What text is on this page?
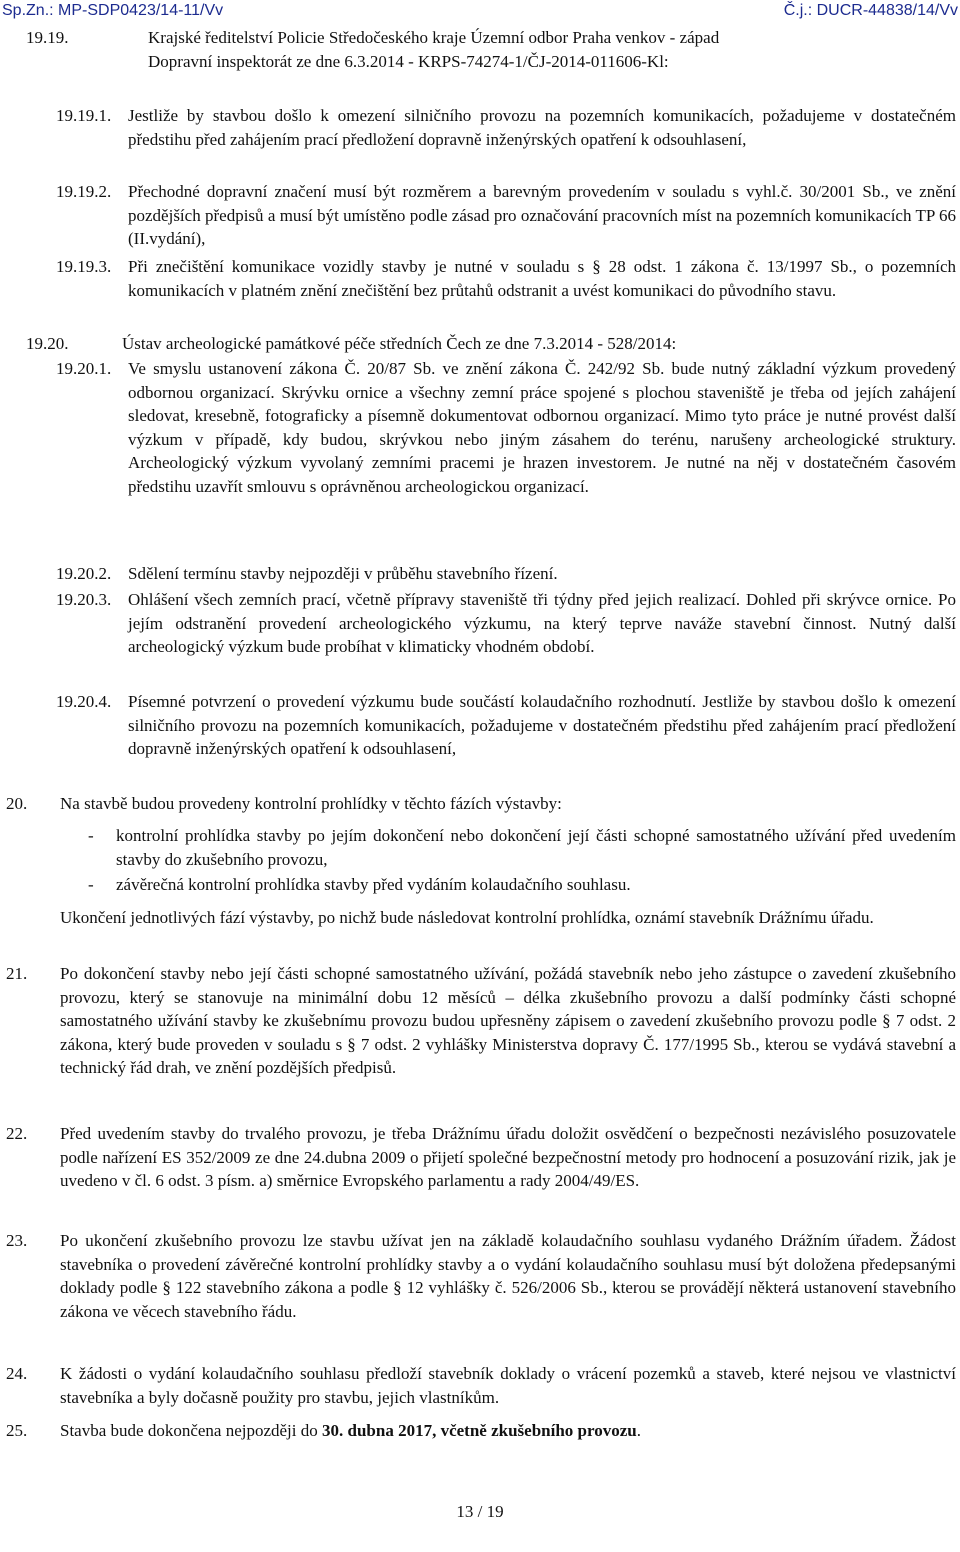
Sp.Zn.: MP-SDP0423/14-11/Vv	Č.j.: DUCR-44838/14/Vv
19.19.	Krajské ředitelství Policie Středočeského kraje Územní odbor Praha venkov - západ
Dopravní inspektorát ze dne 6.3.2014 - KRPS-74274-1/ČJ-2014-011606-Kl:
19.19.1. Jestliže by stavbou došlo k omezení silničního provozu na pozemních komunikacích, požadujeme v dostatečném předstihu před zahájením prací předložení dopravně inženýrských opatření k odsouhlasení,
19.19.2. Přechodné dopravní značení musí být rozměrem a barevným provedením v souladu s vyhl.č. 30/2001 Sb., ve znění pozdějších předpisů a musí být umístěno podle zásad pro označování pracovních míst na pozemních komunikacích TP 66 (II.vydání),
19.19.3. Při znečištění komunikace vozidly stavby je nutné v souladu s § 28 odst. 1 zákona č. 13/1997 Sb., o pozemních komunikacích v platném znění znečištění bez průtahů odstranit a uvést komunikaci do původního stavu.
19.20.	Ústav archeologické památkové péče středních Čech ze dne 7.3.2014 - 528/2014:
19.20.1. Ve smyslu ustanovení zákona Č. 20/87 Sb. ve znění zákona Č. 242/92 Sb. bude nutný základní výzkum provedený odbornou organizací. Skrývku ornice a všechny zemní práce spojené s plochou staveniště je třeba od jejích zahájení sledovat, kresebně, fotograficky a písemně dokumentovat odbornou organizací. Mimo tyto práce je nutné provést další výzkum v případě, kdy budou, skrývkou nebo jiným zásahem do terénu, narušeny archeologické struktury. Archeologický výzkum vyvolaný zemními pracemi je hrazen investorem. Je nutné na něj v dostatečném časovém předstihu uzavřít smlouvu s oprávněnou archeologickou organizací.
19.20.2. Sdělení termínu stavby nejpozději v průběhu stavebního řízení.
19.20.3. Ohlášení všech zemních prací, včetně přípravy staveniště tři týdny před jejich realizací. Dohled při skrývce ornice. Po jejím odstranění provedení archeologického výzkumu, na který teprve naváže stavební činnost. Nutný další archeologický výzkum bude probíhat v klimaticky vhodném období.
19.20.4. Písemné potvrzení o provedení výzkumu bude součástí kolaudačního rozhodnutí. Jestliže by stavbou došlo k omezení silničního provozu na pozemních komunikacích, požadujeme v dostatečném předstihu před zahájením prací předložení dopravně inženýrských opatření k odsouhlasení,
20.	Na stavbě budou provedeny kontrolní prohlídky v těchto fázích výstavby:
- kontrolní prohlídka stavby po jejím dokončení nebo dokončení její části schopné samostatného užívání před uvedením stavby do zkušebního provozu,
- závěrečná kontrolní prohlídka stavby před vydáním kolaudačního souhlasu.
Ukončení jednotlivých fází výstavby, po nichž bude následovat kontrolní prohlídka, oznámí stavebník Drážnímu úřadu.
21.	Po dokončení stavby nebo její části schopné samostatného užívání, požádá stavebník nebo jeho zástupce o zavedení zkušebního provozu, který se stanovuje na minimální dobu 12 měsíců – délka zkušebního provozu a další podmínky části schopné samostatného užívání stavby ke zkušebnímu provozu budou upřesněny zápisem o zavedení zkušebního provozu podle § 7 odst. 2 zákona, který bude proveden v souladu s § 7 odst. 2 vyhlášky Ministerstva dopravy Č. 177/1995 Sb., kterou se vydává stavební a technický řád drah, ve znění pozdějších předpisů.
22.	Před uvedením stavby do trvalého provozu, je třeba Drážnímu úřadu doložit osvědčení o bezpečnosti nezávislého posuzovatele podle nařízení ES 352/2009 ze dne 24.dubna 2009 o přijetí společné bezpečnostní metody pro hodnocení a posuzování rizik, jak je uvedeno v čl. 6 odst. 3 písm. a) směrnice Evropského parlamentu a rady 2004/49/ES.
23.	Po ukončení zkušebního provozu lze stavbu užívat jen na základě kolaudačního souhlasu vydaného Drážním úřadem. Žádost stavebníka o provedení závěrečné kontrolní prohlídky stavby a o vydání kolaudačního souhlasu musí být doložena předepsanými doklady podle § 122 stavebního zákona a podle § 12 vyhlášky č. 526/2006 Sb., kterou se provádějí některá ustanovení stavebního zákona ve věcech stavebního řádu.
24.	K žádosti o vydání kolaudačního souhlasu předloží stavebník doklady o vrácení pozemků a staveb, které nejsou ve vlastnictví stavebníka a byly dočasně použity pro stavbu, jejich vlastníkům.
25.	Stavba bude dokončena nejpozději do 30. dubna 2017, včetně zkušebního provozu.
13 / 19
